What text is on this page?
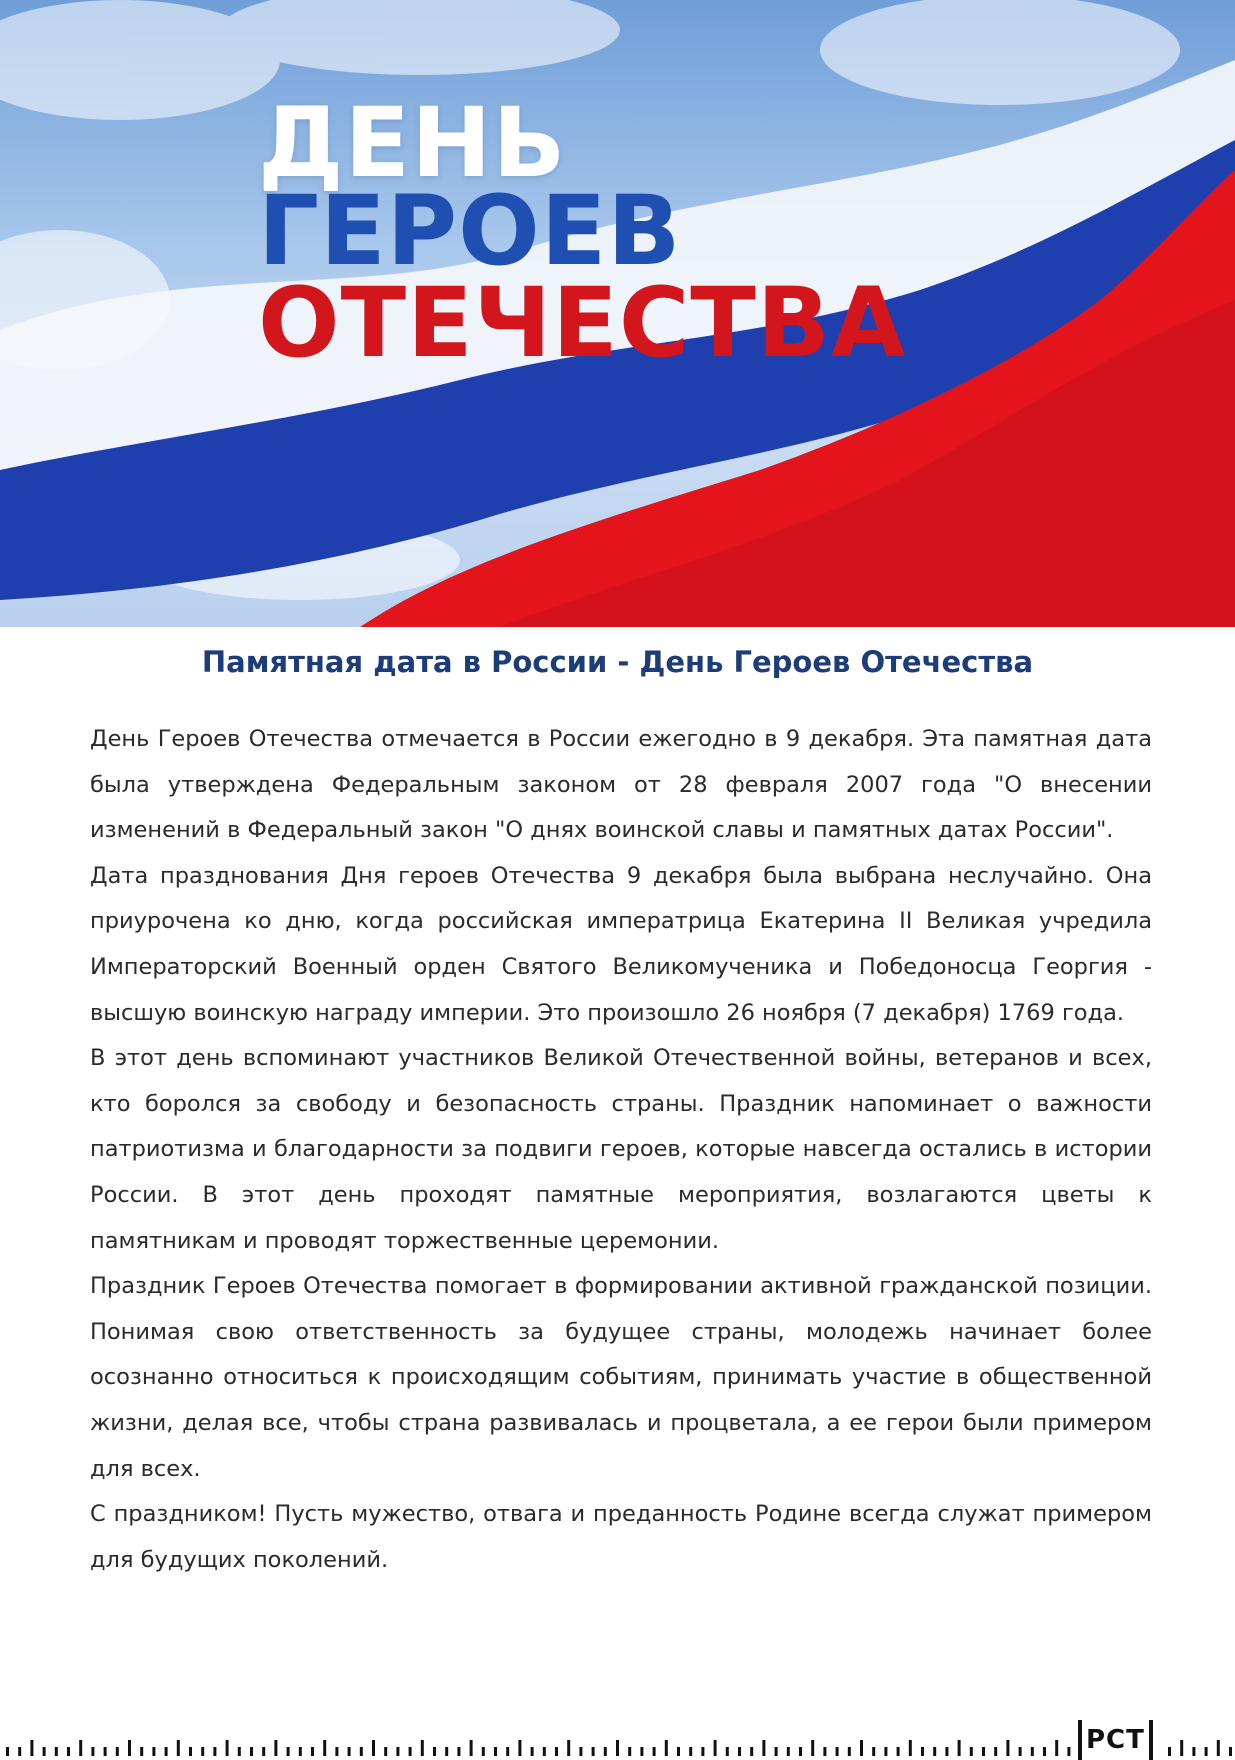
ДЕНЬ
ГЕРОЕВ
ОТЕЧЕСТВА
Памятная дата в России - День Героев Отечества

День Героев Отечества отмечается в России ежегодно в 9 декабря. Эта памятная дата была утверждена Федеральным законом от 28 февраля 2007 года "О внесении изменений в Федеральный закон "О днях воинской славы и памятных датах России".

Дата празднования Дня героев Отечества 9 декабря была выбрана неслучайно. Она приурочена ко дню, когда российская императрица Екатерина II Великая учредила Императорский Военный орден Святого Великомученика и Победоносца Георгия - высшую воинскую награду империи. Это произошло 26 ноября (7 декабря) 1769 года.

В этот день вспоминают участников Великой Отечественной войны, ветеранов и всех, кто боролся за свободу и безопасность страны. Праздник напоминает о важности патриотизма и благодарности за подвиги героев, которые навсегда остались в истории России. В этот день проходят памятные мероприятия, возлагаются цветы к памятникам и проводят торжественные церемонии.

Праздник Героев Отечества помогает в формировании активной гражданской позиции. Понимая свою ответственность за будущее страны, молодежь начинает более осознанно относиться к происходящим событиям, принимать участие в общественной жизни, делая все, чтобы страна развивалась и процветала, а ее герои были примером для всех.

С праздником! Пусть мужество, отвага и преданность Родине всегда служат примером для будущих поколений.

РСТ
